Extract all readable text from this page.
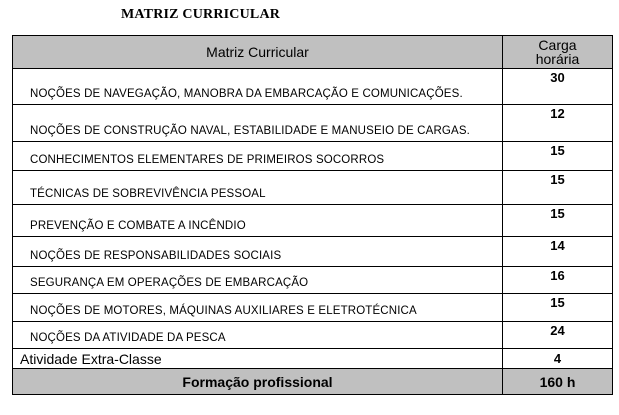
MATRIZ CURRICULAR
Matriz Curricular	Carga
horária

NOÇÕES DE NAVEGAÇÃO, MANOBRA DA EMBARCAÇÃO E COMUNICAÇÕES.	30
NOÇÕES DE CONSTRUÇÃO NAVAL, ESTABILIDADE E MANUSEIO DE CARGAS.	12
CONHECIMENTOS ELEMENTARES DE PRIMEIROS SOCORROS	15
TÉCNICAS DE SOBREVIVÊNCIA PESSOAL	15
PREVENÇÃO E COMBATE A INCÊNDIO	15
NOÇÕES DE RESPONSABILIDADES SOCIAIS	14
SEGURANÇA EM OPERAÇÕES DE EMBARCAÇÃO	16
NOÇÕES DE MOTORES, MÁQUINAS AUXILIARES E ELETROTÉCNICA	15
NOÇÕES DA ATIVIDADE DA PESCA	24
Atividade Extra-Classe	4
Formação profissional	160 h
